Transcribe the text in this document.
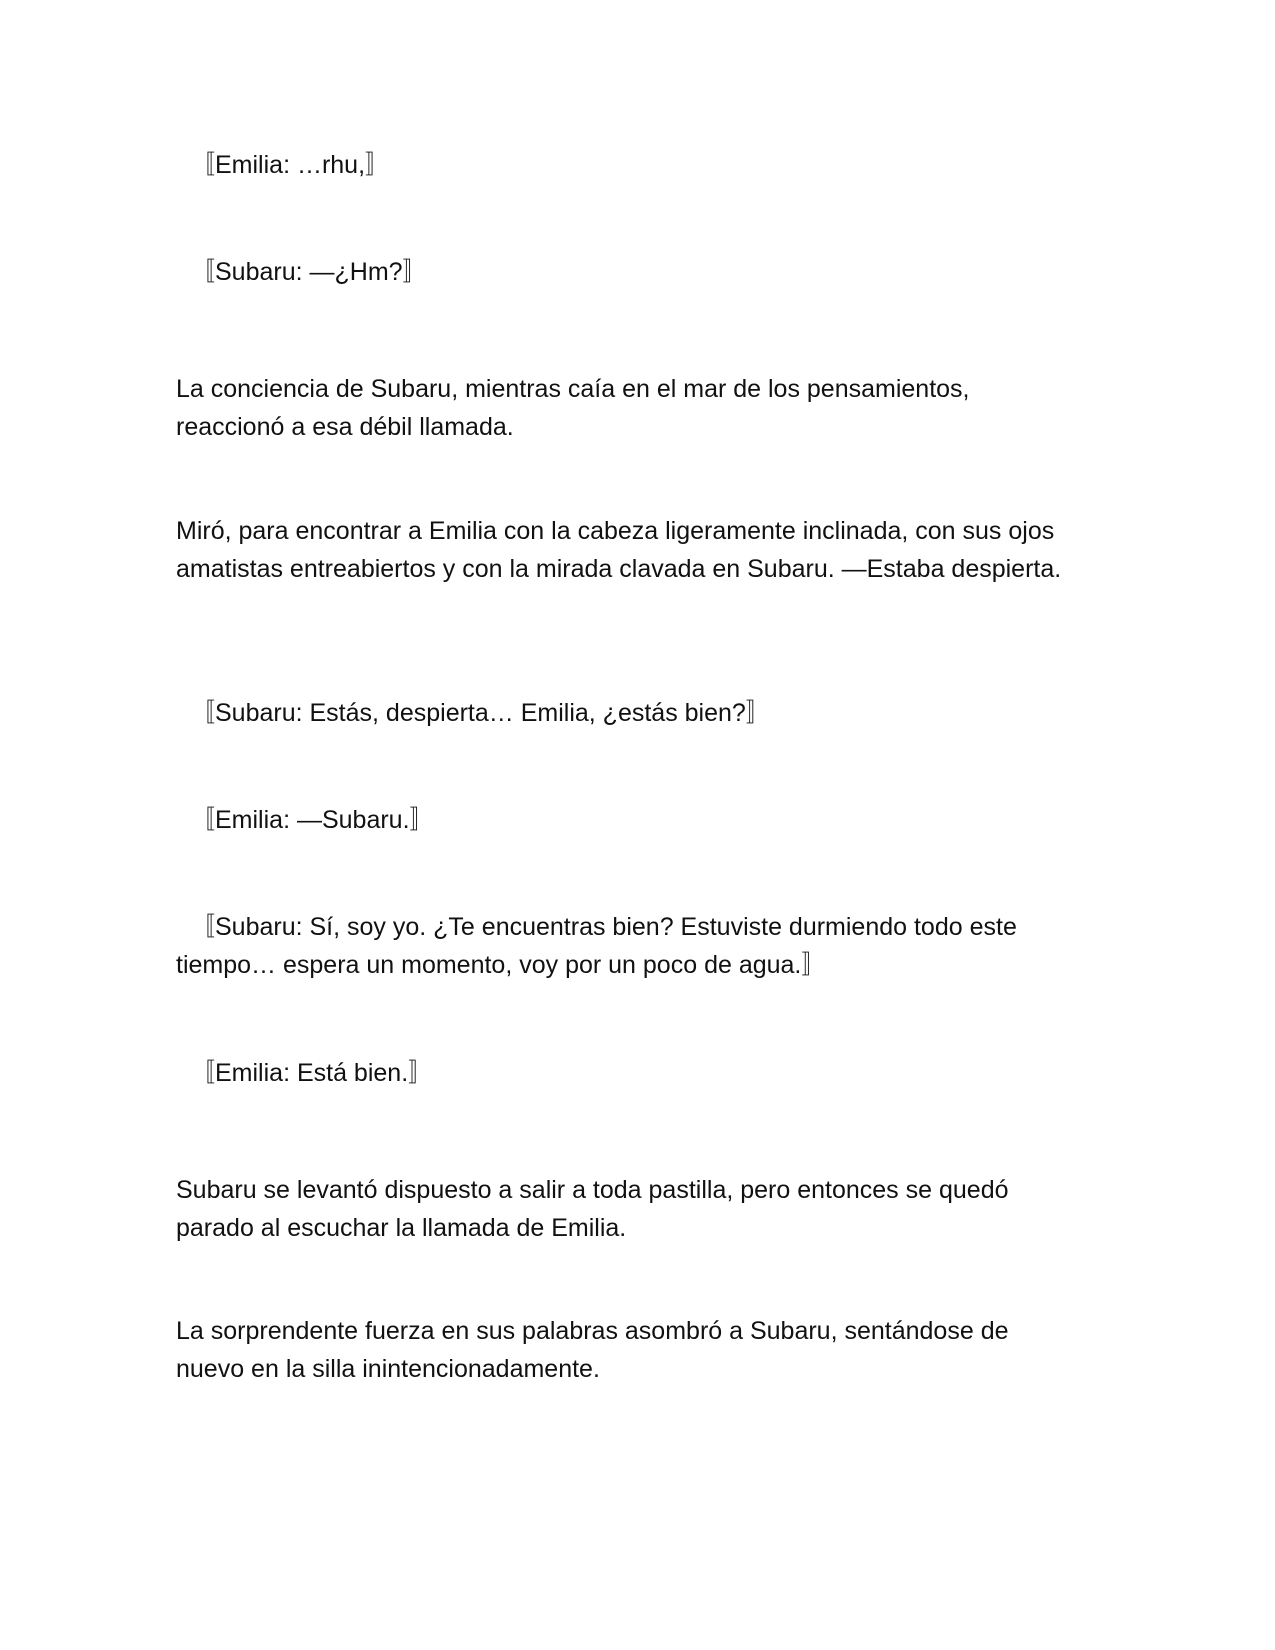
〚Emilia: …rhu,〛

〚Subaru: —¿Hm?〛

La conciencia de Subaru, mientras caía en el mar de los pensamientos, reaccionó a esa débil llamada.

Miró, para encontrar a Emilia con la cabeza ligeramente inclinada, con sus ojos amatistas entreabiertos y con la mirada clavada en Subaru. —Estaba despierta.

〚Subaru: Estás, despierta… Emilia, ¿estás bien?〛

〚Emilia: —Subaru.〛

〚Subaru: Sí, soy yo. ¿Te encuentras bien? Estuviste durmiendo todo este tiempo… espera un momento, voy por un poco de agua.〛

〚Emilia: Está bien.〛

Subaru se levantó dispuesto a salir a toda pastilla, pero entonces se quedó parado al escuchar la llamada de Emilia.

La sorprendente fuerza en sus palabras asombró a Subaru, sentándose de nuevo en la silla inintencionadamente.
